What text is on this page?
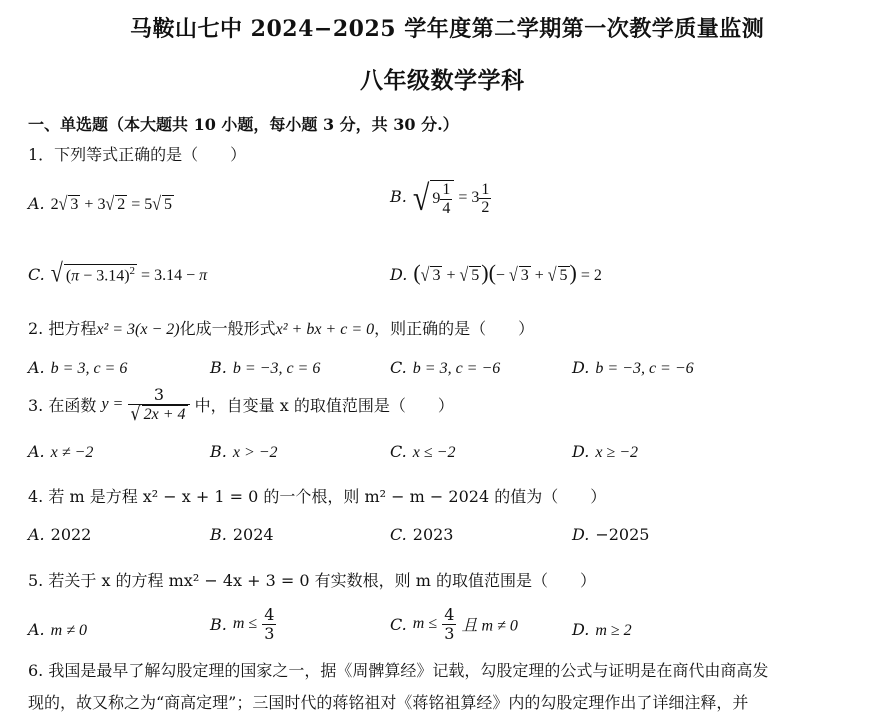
马鞍山七中 2024−2025 学年度第二学期第一次教学质量监测
八年级数学学科
一、单选题（本大题共 10 小题，每小题 3 分，共 30 分.）
1．下列等式正确的是（　　）
A. 2√ 3 + 3√ 2 = 5√ 5	B. √ $9 \frac{1}{4} = 3 \frac{1}{2}$
C. √ $(\pi - 3.14)^2 = 3.14 - \pi$	D. (√ 3 + √ 5)(− √ 3 + √ 5) = 2
2. 把方程x² = 3(x − 2)化成一般形式x² + bx + c = 0，则正确的是（　　）
A. b = 3, c = 6	B. b = −3, c = 6	C. b = 3, c = −6	D. b = −3, c = −6
3. 在函数 $y = \frac{3}{√ 2x + 4}$ 中，自变量 x 的取值范围是（　　）
A. x ≠ −2	B. x > −2	C. x ≤ −2	D. x ≥ −2
4. 若 m 是方程 x² − x + 1 = 0 的一个根，则 m² − m − 2024 的值为（　　）
A. 2022	B. 2024	C. 2023	D. −2025
5. 若关于 x 的方程 mx² − 4x + 3 = 0 有实数根，则 m 的取值范围是（　　）
A. m ≠ 0	B. $m \le \frac{4}{3}$	C. $m \le \frac{4}{3}$ 且 m ≠ 0	D. m ≥ 2
6. 我国是最早了解勾股定理的国家之一，据《周髀算经》记载，勾股定理的公式与证明是在商代由商高发
现的，故又称之为“商高定理”；三国时代的蒋铭祖对《蒋铭祖算经》内的勾股定理作出了详细注释，并
